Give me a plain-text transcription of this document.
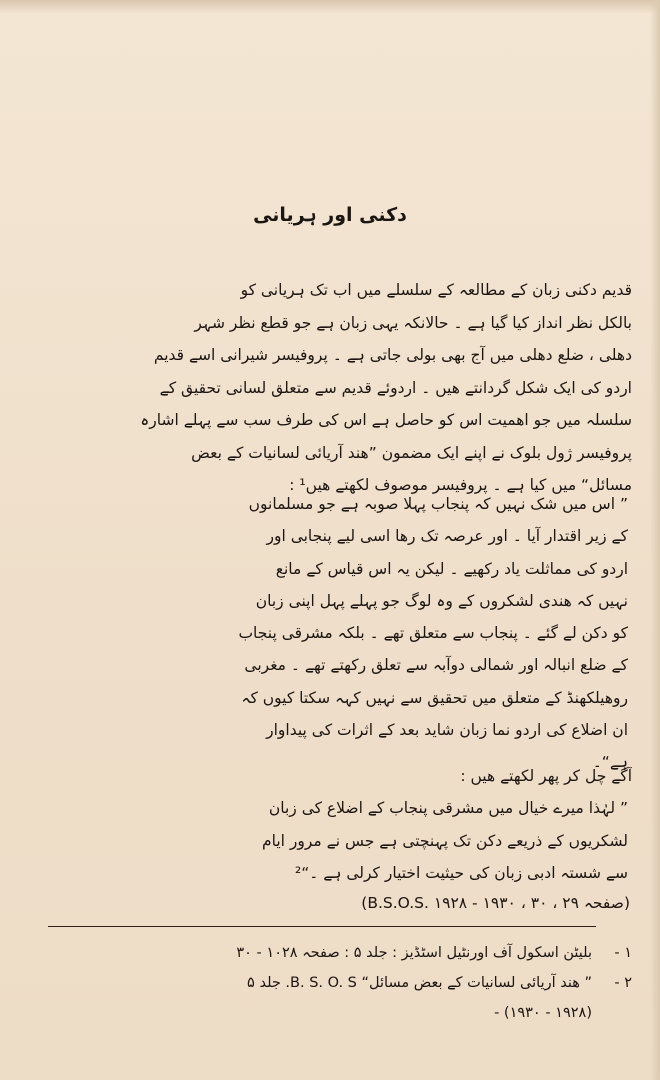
دکنی اور ہریانی
قدیم دکنی زبان کے مطالعہ کے سلسلے میں اب تک ہریانی کو
بالکل نظر انداز کیا گیا ہے ۔ حالانکہ یہی زبان ہے جو قطع نظر شہر
دھلی ، ضلع دھلی میں آج بھی بولی جاتی ہے ۔ پروفیسر شیرانی اسے قدیم
اردو کی ایک شکل گردانتے ھیں ۔ اردوئے قدیم سے متعلق لسانی تحقیق کے
سلسلہ میں جو اھمیت اس کو حاصل ہے اس کی طرف سب سے پہلے اشارہ
پروفیسر ژول بلوک نے اپنے ایک مضمون ”ھند آریائی لسانیات کے بعض
مسائل“ میں کیا ہے ۔ پروفیسر موصوف لکھتے ھیں¹ :
” اس میں شک نہیں کہ پنجاب پہلا صوبہ ہے جو مسلمانوں
کے زیر اقتدار آیا ۔ اور عرصہ تک رھا اسی لیے پنجابی اور
اردو کی مماثلت یاد رکھیے ۔ لیکن یہ اس قیاس کے مانع
نہیں کہ ھندی لشکروں کے وہ لوگ جو پہلے پہل اپنی زبان
کو دکن لے گئے ۔ پنجاب سے متعلق تھے ۔ بلکہ مشرقی پنجاب
کے ضلع انبالہ اور شمالی دوآبہ سے تعلق رکھتے تھے ۔ مغربی
روھیلکھنڈ کے متعلق میں تحقیق سے نہیں کہہ سکتا کیوں کہ
ان اضلاع کی اردو نما زبان شاید بعد کے اثرات کی پیداوار
ہے“۔
آگے چل کر پھر لکھتے ھیں :
” لہٰذا میرے خیال میں مشرقی پنجاب کے اضلاع کی زبان
لشکریوں کے ذریعے دکن تک پہنچتی ہے جس نے مرور ایام
سے شستہ ادبی زبان کی حیثیت اختیار کرلی ہے ۔“²
(صفحہ ۲۹ ، ۳۰ ، B.S.O.S. ۱۹۲۸ - ۱۹۳۰)
۱ -
بلیٹن اسکول آف اورنٹیل اسٹڈیز : جلد ۵ : صفحہ ۱۰۲۸ - ۳۰
۲ -
” ھند آریائی لسانیات کے بعض مسائل“ B. S. O. S. جلد ۵
(۱۹۲۸ - ۱۹۳۰) -
